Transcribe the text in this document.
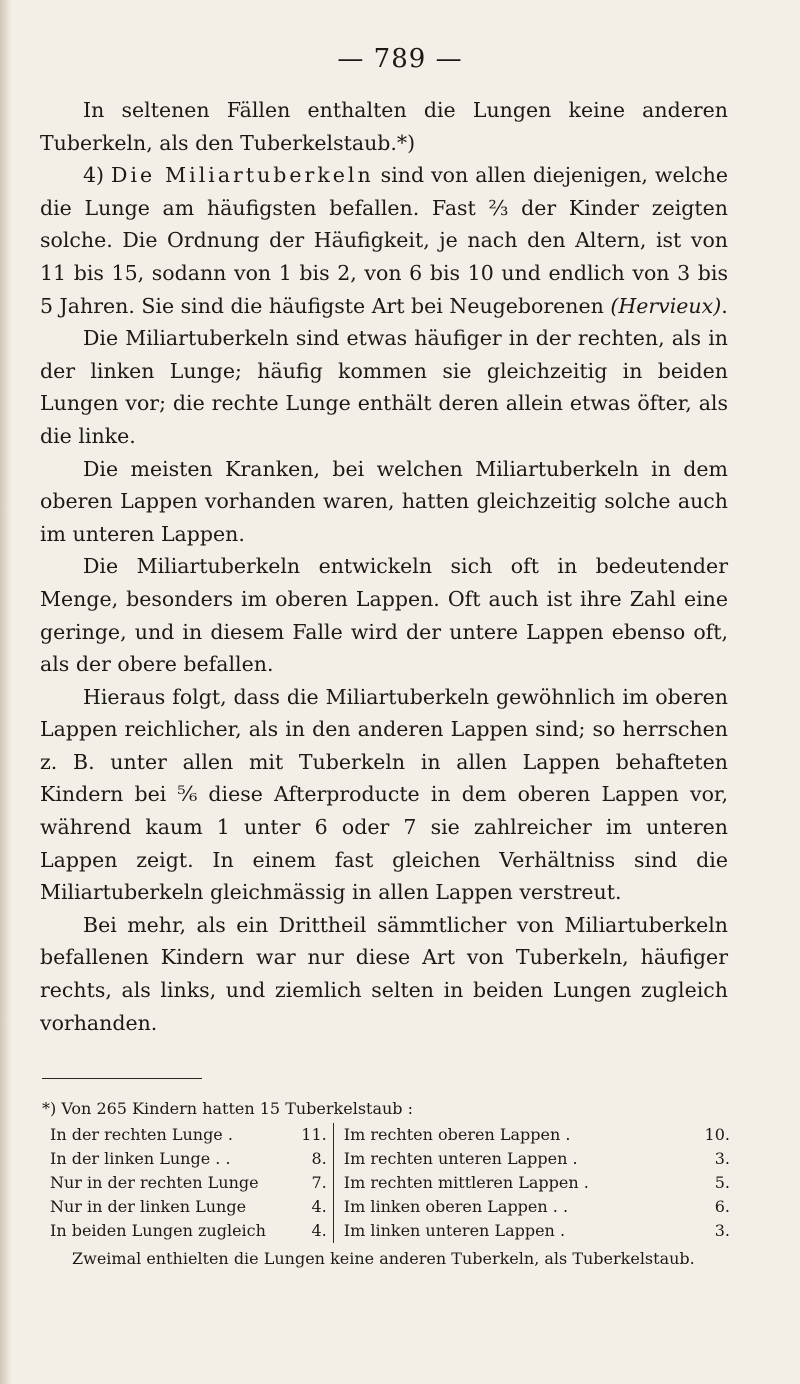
— 789 —

In seltenen Fällen enthalten die Lungen keine anderen Tuberkeln, als den Tuberkelstaub.*)

4) Die Miliartuberkeln sind von allen diejenigen, welche die Lunge am häufigsten befallen. Fast ⅔ der Kinder zeigten solche. Die Ordnung der Häufigkeit, je nach den Altern, ist von 11 bis 15, sodann von 1 bis 2, von 6 bis 10 und endlich von 3 bis 5 Jahren. Sie sind die häufigste Art bei Neugeborenen (Hervieux).

Die Miliartuberkeln sind etwas häufiger in der rechten, als in der linken Lunge; häufig kommen sie gleichzeitig in beiden Lungen vor; die rechte Lunge enthält deren allein etwas öfter, als die linke.

Die meisten Kranken, bei welchen Miliartuberkeln in dem oberen Lappen vorhanden waren, hatten gleichzeitig solche auch im unteren Lappen.

Die Miliartuberkeln entwickeln sich oft in bedeutender Menge, besonders im oberen Lappen. Oft auch ist ihre Zahl eine geringe, und in diesem Falle wird der untere Lappen ebenso oft, als der obere befallen.

Hieraus folgt, dass die Miliartuberkeln gewöhnlich im oberen Lappen reichlicher, als in den anderen Lappen sind; so herrschen z. B. unter allen mit Tuberkeln in allen Lappen behafteten Kindern bei ⁵⁄₆ diese Afterproducte in dem oberen Lappen vor, während kaum 1 unter 6 oder 7 sie zahlreicher im unteren Lappen zeigt. In einem fast gleichen Verhältniss sind die Miliartuberkeln gleichmässig in allen Lappen verstreut.

Bei mehr, als ein Drittheil sämmtlicher von Miliartuberkeln befallenen Kindern war nur diese Art von Tuberkeln, häufiger rechts, als links, und ziemlich selten in beiden Lungen zugleich vorhanden.

*) Von 265 Kindern hatten 15 Tuberkelstaub :

In der rechten Lunge .	11.
In der linken Lunge . .	8.
Nur in der rechten Lunge	7.
Nur in der linken Lunge	4.
In beiden Lungen zugleich	4.
Im rechten oberen Lappen .	10.
Im rechten unteren Lappen .	3.
Im rechten mittleren Lappen .	5.
Im linken oberen Lappen . .	6.
Im linken unteren Lappen .	3.

Zweimal enthielten die Lungen keine anderen Tuberkeln, als Tuberkelstaub.
